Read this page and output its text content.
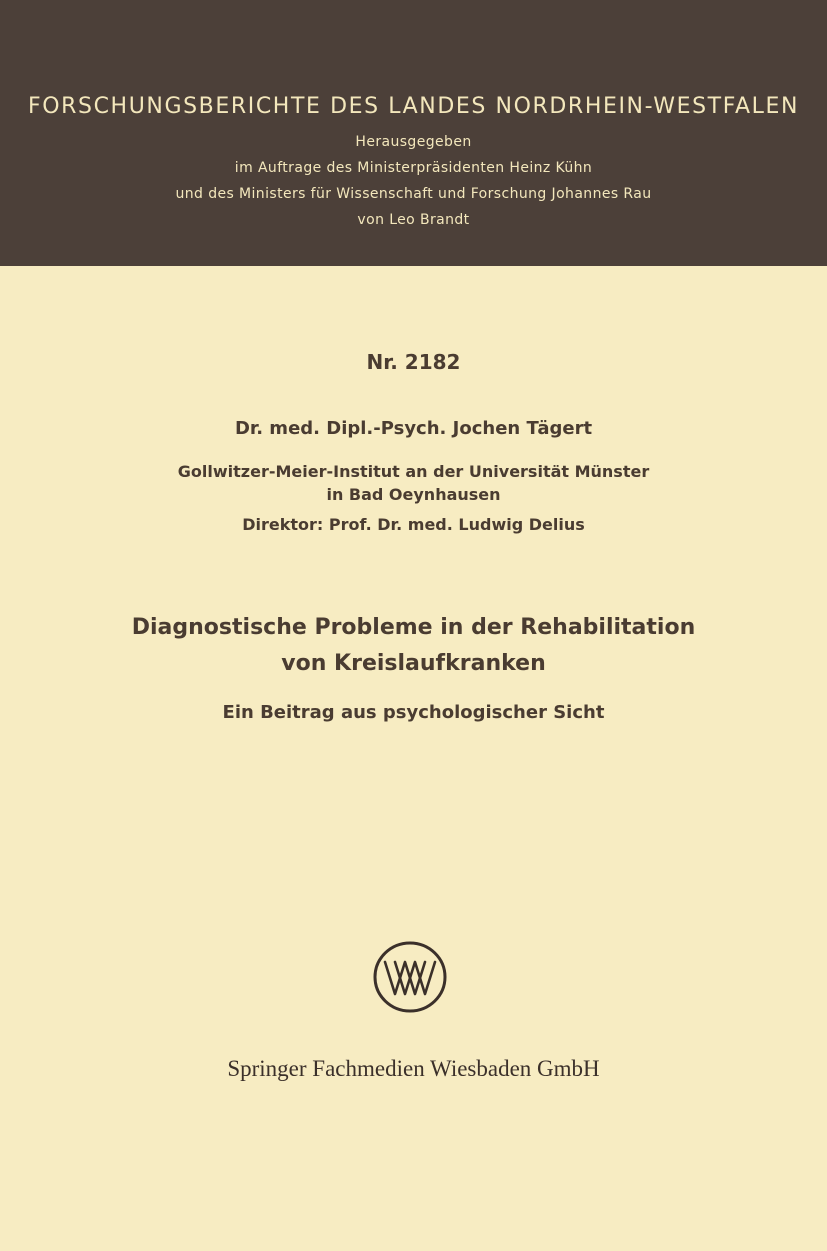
FORSCHUNGSBERICHTE DES LANDES NORDRHEIN-WESTFALEN
Herausgegeben
im Auftrage des Ministerpräsidenten Heinz Kühn
und des Ministers für Wissenschaft und Forschung Johannes Rau
von Leo Brandt
Nr. 2182
Dr. med. Dipl.-Psych. Jochen Tägert
Gollwitzer-Meier-Institut an der Universität Münster
in Bad Oeynhausen
Direktor: Prof. Dr. med. Ludwig Delius
Diagnostische Probleme in der Rehabilitation
von Kreislaufkranken
Ein Beitrag aus psychologischer Sicht
Springer Fachmedien Wiesbaden GmbH
